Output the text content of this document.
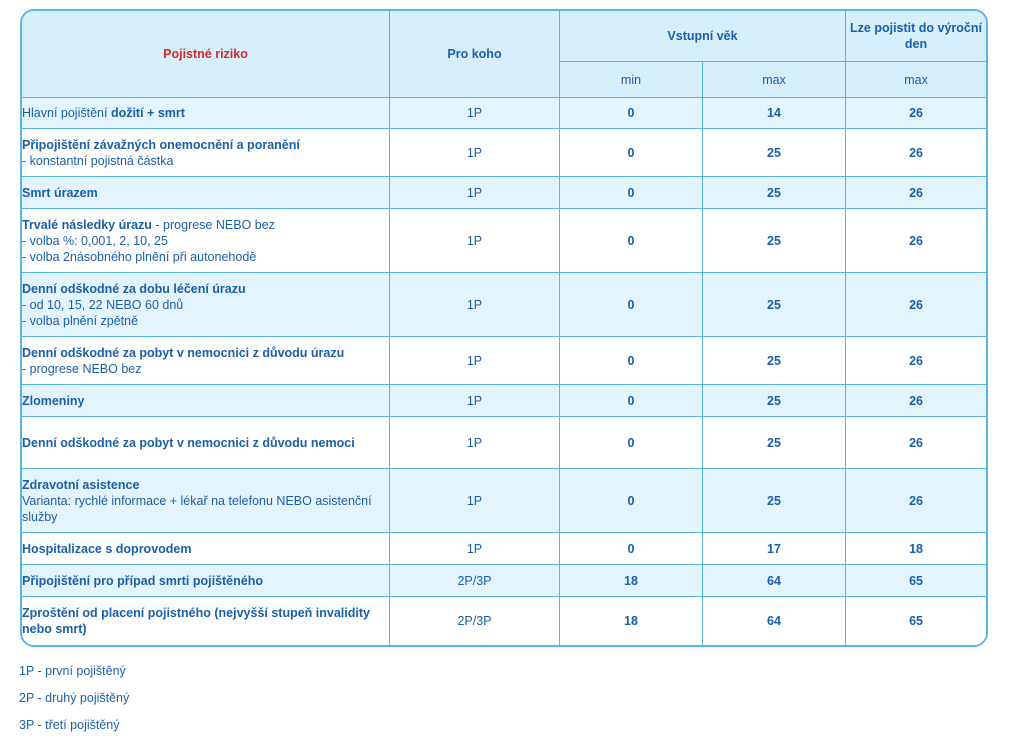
Pojistné riziko	Pro koho	Vstupní věk		Lze pojistit do výroční den
		min	max	max
Hlavní pojištění dožití + smrt	1P	0	14	26
Připojištění závažných onemocnění a poranění
- konstantní pojistná částka	1P	0	25	26
Smrt úrazem	1P	0	25	26
Trvalé následky úrazu - progrese NEBO bez
- volba %: 0,001, 2, 10, 25
- volba 2násobného plnění při autonehodě	1P	0	25	26
Denní odškodné za dobu léčení úrazu
- od 10, 15, 22 NEBO 60 dnů
- volba plnění zpětně	1P	0	25	26
Denní odškodné za pobyt v nemocnici z důvodu úrazu
- progrese NEBO bez	1P	0	25	26
Zlomeniny	1P	0	25	26
Denní odškodné za pobyt v nemocnici z důvodu nemoci	1P	0	25	26
Zdravotní asistence
Varianta: rychlé informace + lékař na telefonu NEBO asistenční služby	1P	0	25	26
Hospitalizace s doprovodem	1P	0	17	18
Připojištění pro případ smrti pojištěného	2P/3P	18	64	65
Zproštění od placení pojistného (nejvyšší stupeň invalidity nebo smrt)	2P/3P	18	64	65
1P - první pojištěný
2P - druhý pojištěný
3P - třetí pojištěný
